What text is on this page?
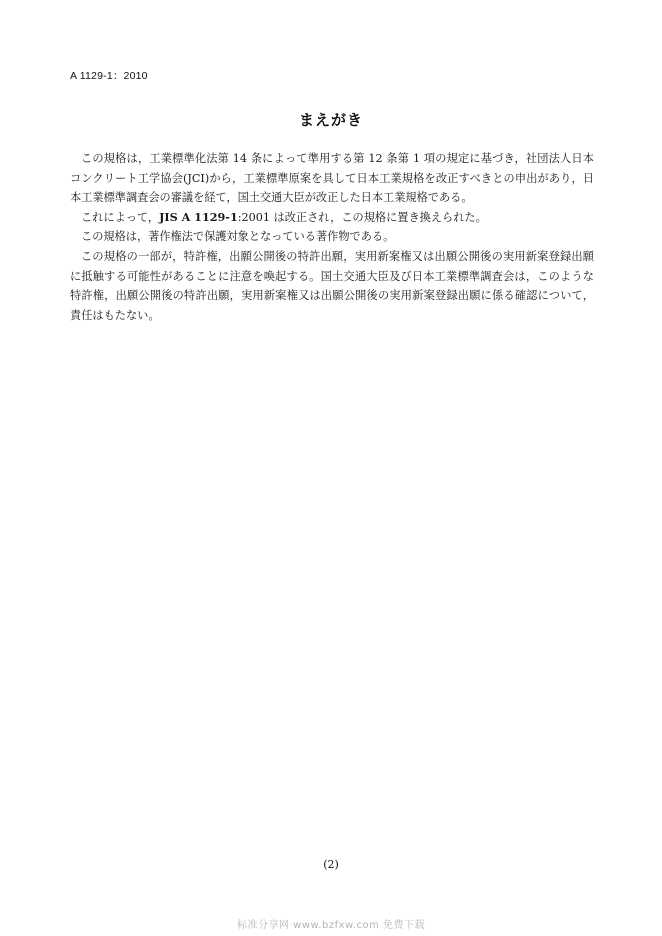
A 1129-1：2010
まえがき

この規格は，工業標準化法第 14 条によって準用する第 12 条第 1 項の規定に基づき，社団法人日本コンクリート工学協会(JCI)から，工業標準原案を具して日本工業規格を改正すべきとの申出があり，日本工業標準調査会の審議を経て，国土交通大臣が改正した日本工業規格である。

これによって，JIS A 1129-1:2001 は改正され，この規格に置き換えられた。

この規格は，著作権法で保護対象となっている著作物である。

この規格の一部が，特許権，出願公開後の特許出願，実用新案権又は出願公開後の実用新案登録出願に抵触する可能性があることに注意を喚起する。国土交通大臣及び日本工業標準調査会は，このような特許権，出願公開後の特許出願，実用新案権又は出願公開後の実用新案登録出願に係る確認について，責任はもたない。

(2)
标准分享网 www.bzfxw.com 免费下载
